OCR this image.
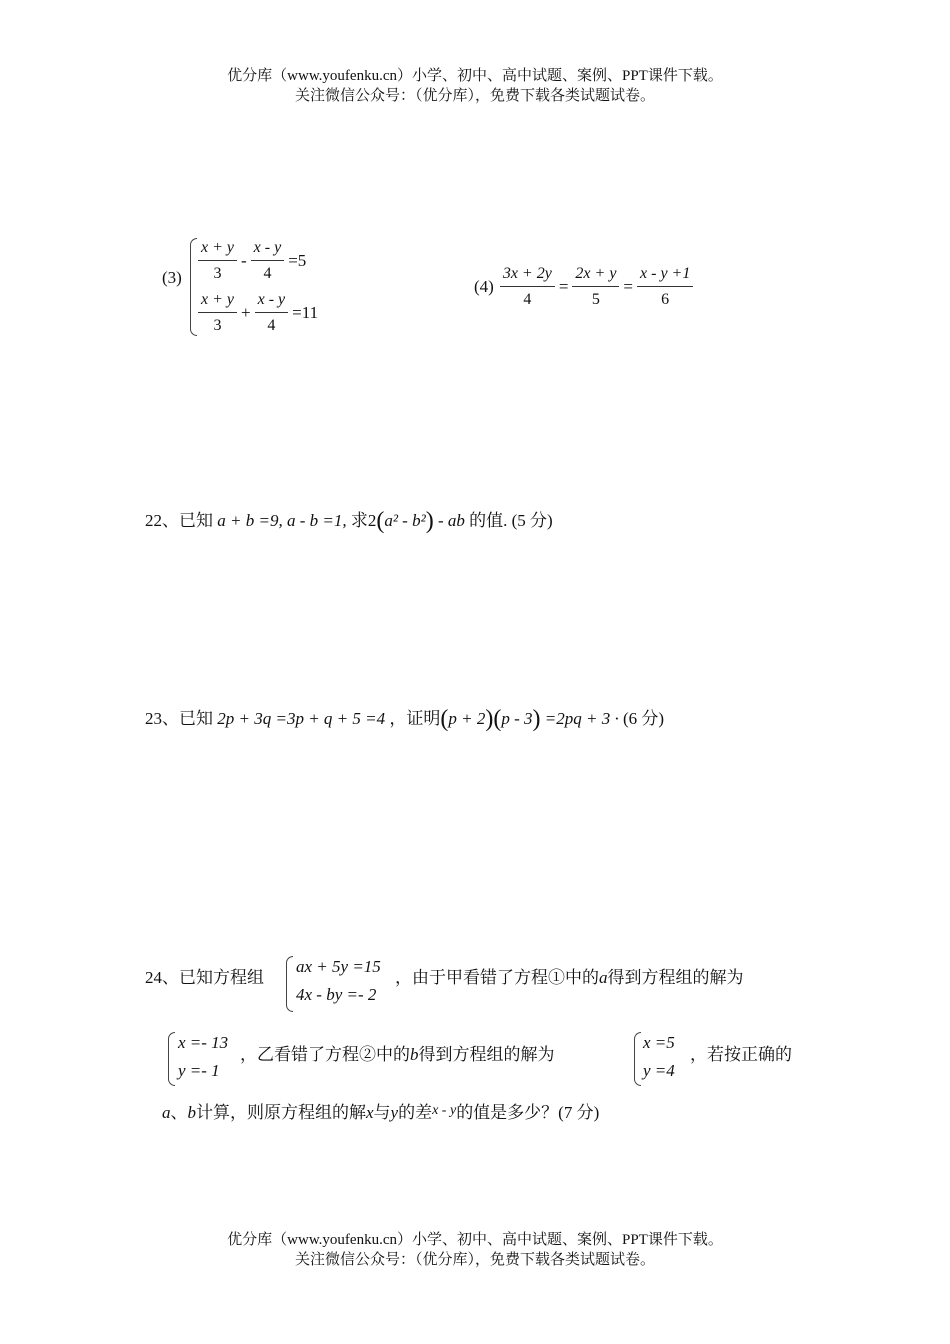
优分库（www.youfenku.cn）小学、初中、高中试题、案例、PPT课件下载。
关注微信公众号：（优分库），免费下载各类试题试卷。
$(3) \frac{x + y}{3} - \frac{x - y}{4} =5$
$\frac{x + y}{3} + \frac{x - y}{4} =11$
$(4) \frac{3x + 2y}{4} = \frac{2x + y}{5} = \frac{x - y +1}{6}$
22、已知 a + b =9, a - b =1, 求2(a² - b²) - ab 的值. (5 分)
23、已知 2p + 3q =3p + q + 5 =4 ，证明(p + 2)(p - 3) =2pq + 3 · (6 分)
24、已知方程组
ax + 5y =15
4x - by =- 2
，由于甲看错了方程①中的a得到方程组的解为
x =- 13
y =- 1
，乙看错了方程②中的b得到方程组的解为
x =5
y =4
，若按正确的
a、b计算，则原方程组的解x与y的差$^{x - y}$的值是多少？(7 分)
优分库（www.youfenku.cn）小学、初中、高中试题、案例、PPT课件下载。
关注微信公众号：（优分库），免费下载各类试题试卷。
